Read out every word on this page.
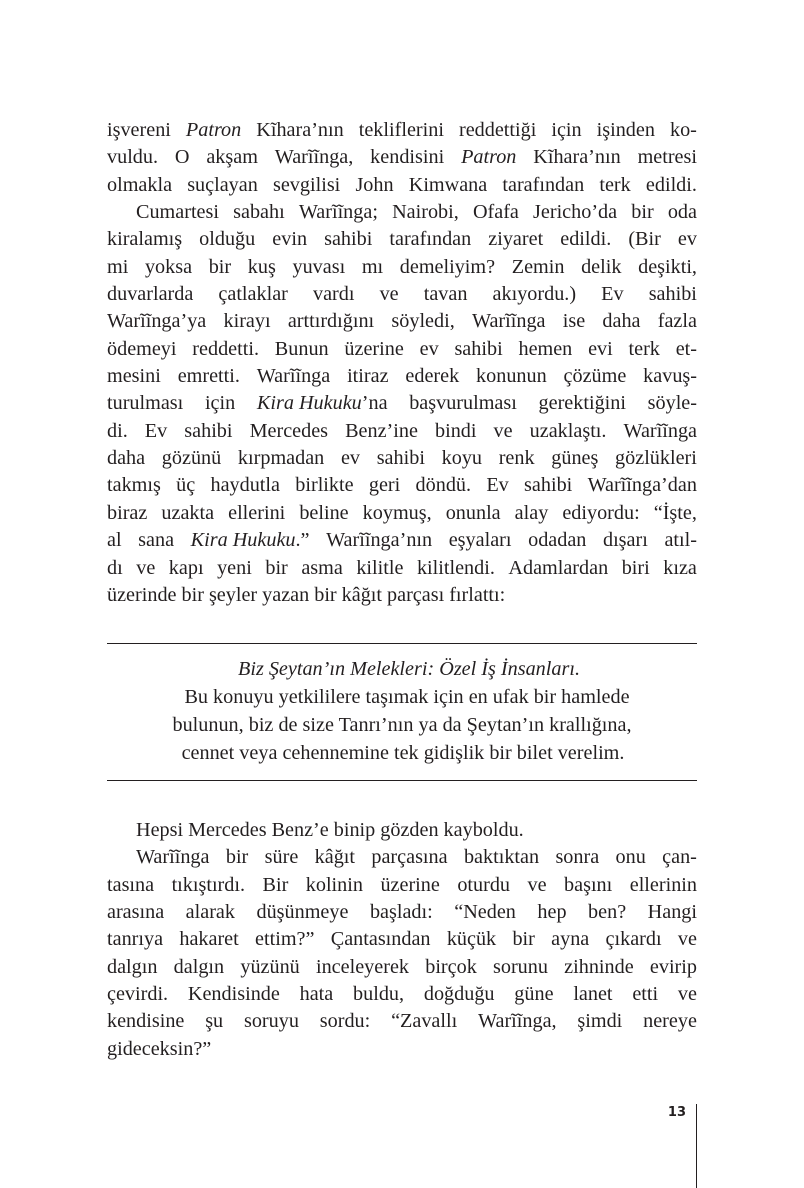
işvereni Patron Kĩhara’nın tekliflerini reddettiği için işinden ko-
vuldu. O akşam Warĩĩnga, kendisini Patron Kĩhara’nın metresi
olmakla suçlayan sevgilisi John Kimwana tarafından terk edildi.
Cumartesi sabahı Warĩĩnga; Nairobi, Ofafa Jericho’da bir oda
kiralamış olduğu evin sahibi tarafından ziyaret edildi. (Bir ev
mi yoksa bir kuş yuvası mı demeliyim? Zemin delik deşikti,
duvarlarda çatlaklar vardı ve tavan akıyordu.) Ev sahibi
Warĩĩnga’ya kirayı arttırdığını söyledi, Warĩĩnga ise daha fazla
ödemeyi reddetti. Bunun üzerine ev sahibi hemen evi terk et-
mesini emretti. Warĩĩnga itiraz ederek konunun çözüme kavuş-
turulması için Kira Hukuku’na başvurulması gerektiğini söyle-
di. Ev sahibi Mercedes Benz’ine bindi ve uzaklaştı. Warĩĩnga
daha gözünü kırpmadan ev sahibi koyu renk güneş gözlükleri
takmış üç haydutla birlikte geri döndü. Ev sahibi Warĩĩnga’dan
biraz uzakta ellerini beline koymuş, onunla alay ediyordu: “İşte,
al sana Kira Hukuku.” Warĩĩnga’nın eşyaları odadan dışarı atıl-
dı ve kapı yeni bir asma kilitle kilitlendi. Adamlardan biri kıza
üzerinde bir şeyler yazan bir kâğıt parçası fırlattı:
Biz Şeytan’ın Melekleri: Özel İş İnsanları.
Bu konuyu yetkililere taşımak için en ufak bir hamlede
bulunun, biz de size Tanrı’nın ya da Şeytan’ın krallığına,
cennet veya cehennemine tek gidişlik bir bilet verelim.
Hepsi Mercedes Benz’e binip gözden kayboldu.
Warĩĩnga bir süre kâğıt parçasına baktıktan sonra onu çan-
tasına tıkıştırdı. Bir kolinin üzerine oturdu ve başını ellerinin
arasına alarak düşünmeye başladı: “Neden hep ben? Hangi
tanrıya hakaret ettim?” Çantasından küçük bir ayna çıkardı ve
dalgın dalgın yüzünü inceleyerek birçok sorunu zihninde evirip
çevirdi. Kendisinde hata buldu, doğduğu güne lanet etti ve
kendisine şu soruyu sordu: “Zavallı Warĩĩnga, şimdi nereye
gideceksin?”
13
